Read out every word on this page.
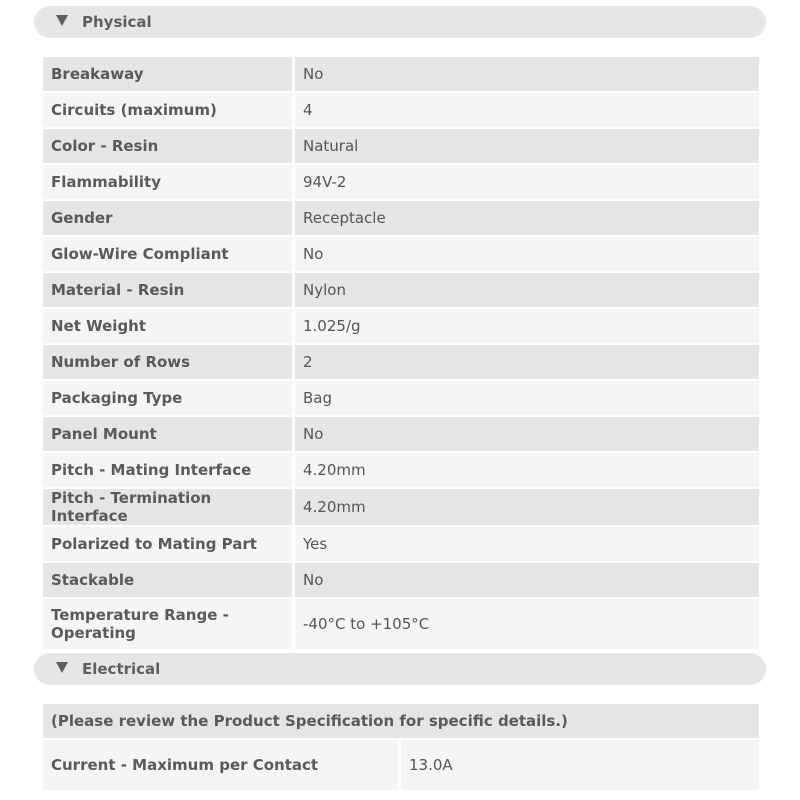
Physical
Breakaway	No
Circuits (maximum)	4
Color - Resin	Natural
Flammability	94V-2
Gender	Receptacle
Glow-Wire Compliant	No
Material - Resin	Nylon
Net Weight	1.025/g
Number of Rows	2
Packaging Type	Bag
Panel Mount	No
Pitch - Mating Interface	4.20mm
Pitch - Termination Interface	4.20mm
Polarized to Mating Part	Yes
Stackable	No
Temperature Range - Operating	-40°C to +105°C
Electrical
(Please review the Product Specification for specific details.)
Current - Maximum per Contact	13.0A
